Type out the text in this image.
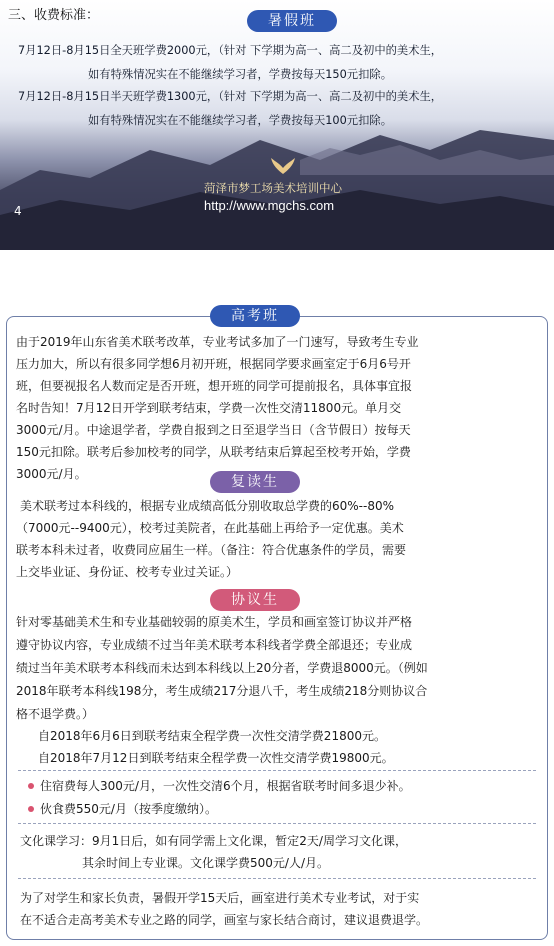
三、收费标准：	暑假班
7月12日-8月15日全天班学费2000元，（针对 下学期为高一、高二及初中的美术生，
如有特殊情况实在不能继续学习者，学费按每天150元扣除。
7月12日-8月15日半天班学费1300元，（针对 下学期为高一、高二及初中的美术生，
如有特殊情况实在不能继续学习者，学费按每天100元扣除。
菏泽市梦工场美术培训中心
http://www.mgchs.com
4
高考班
由于2019年山东省美术联考改革，专业考试多加了一门速写，导致考生专业
压力加大，所以有很多同学想6月初开班，根据同学要求画室定于6月6号开
班，但要视报名人数而定是否开班，想开班的同学可提前报名，具体事宜报
名时告知！7月12日开学到联考结束，学费一次性交清11800元。单月交
3000元/月。中途退学者，学费自报到之日至退学当日（含节假日）按每天
150元扣除。联考后参加校考的同学，从联考结束后算起至校考开始，学费
3000元/月。	复读生
美术联考过本科线的，根据专业成绩高低分别收取总学费的60%--80%
（7000元--9400元），校考过美院者，在此基础上再给予一定优惠。美术
联考本科未过者，收费同应届生一样。（备注：符合优惠条件的学员，需要
上交毕业证、身份证、校考专业过关证。）
协议生
针对零基础美术生和专业基础较弱的原美术生，学员和画室签订协议并严格
遵守协议内容，专业成绩不过当年美术联考本科线者学费全部退还；专业成
绩过当年美术联考本科线而未达到本科线以上20分者，学费退8000元。（例如
2018年联考本科线198分，考生成绩217分退八千，考生成绩218分则协议合
格不退学费。）
自2018年6月6日到联考结束全程学费一次性交清学费21800元。
自2018年7月12日到联考结束全程学费一次性交清学费19800元。
住宿费每人300元/月，一次性交清6个月，根据省联考时间多退少补。
伙食费550元/月（按季度缴纳）。
文化课学习：9月1日后，如有同学需上文化课，暂定2天/周学习文化课，
其余时间上专业课。文化课学费500元/人/月。
为了对学生和家长负责，暑假开学15天后，画室进行美术专业考试，对于实
在不适合走高考美术专业之路的同学，画室与家长结合商讨，建议退费退学。
